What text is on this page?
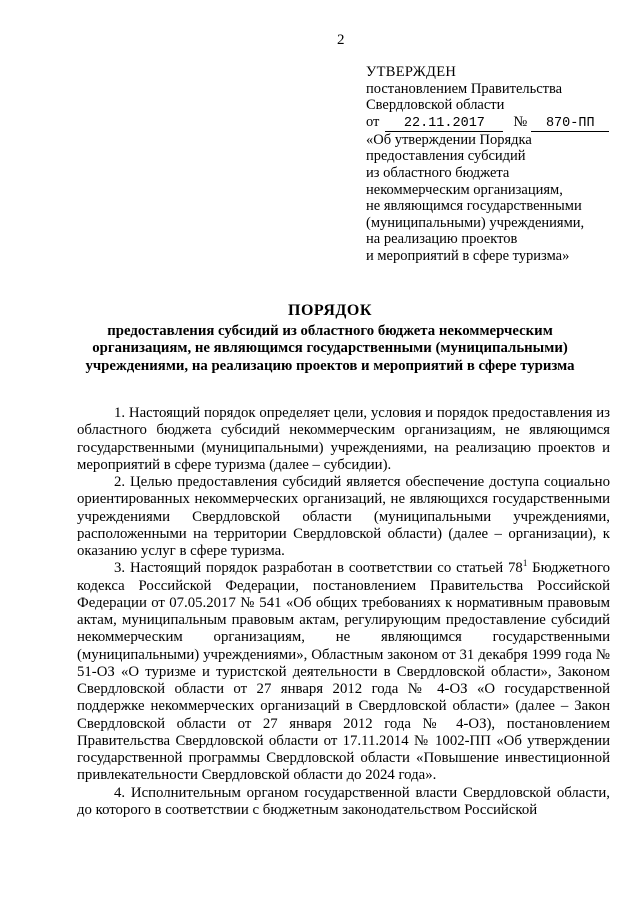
2
УТВЕРЖДЕН
постановлением Правительства
Свердловской области
от 22.11.2017 № 870-ПП
«Об утверждении Порядка
предоставления субсидий
из областного бюджета
некоммерческим организациям,
не являющимся государственными
(муниципальными) учреждениями,
на реализацию проектов
и мероприятий в сфере туризма»
ПОРЯДОК
предоставления субсидий из областного бюджета некоммерческим организациям, не являющимся государственными (муниципальными) учреждениями, на реализацию проектов и мероприятий в сфере туризма

1. Настоящий порядок определяет цели, условия и порядок предоставления из областного бюджета субсидий некоммерческим организациям, не являющимся государственными (муниципальными) учреждениями, на реализацию проектов и мероприятий в сфере туризма (далее – субсидии).

2. Целью предоставления субсидий является обеспечение доступа социально ориентированных некоммерческих организаций, не являющихся государственными учреждениями Свердловской области (муниципальными учреждениями, расположенными на территории Свердловской области) (далее – организации), к оказанию услуг в сфере туризма.

3. Настоящий порядок разработан в соответствии со статьей $78^1$ Бюджетного кодекса Российской Федерации, постановлением Правительства Российской Федерации от 07.05.2017 № 541 «Об общих требованиях к нормативным правовым актам, муниципальным правовым актам, регулирующим предоставление субсидий некоммерческим организациям, не являющимся государственными (муниципальными) учреждениями», Областным законом от 31 декабря 1999 года № 51-ОЗ «О туризме и туристской деятельности в Свердловской области», Законом Свердловской области от 27 января 2012 года № 4-ОЗ «О государственной поддержке некоммерческих организаций в Свердловской области» (далее – Закон Свердловской области от 27 января 2012 года № 4-ОЗ), постановлением Правительства Свердловской области от 17.11.2014 № 1002-ПП «Об утверждении государственной программы Свердловской области «Повышение инвестиционной привлекательности Свердловской области до 2024 года».

4. Исполнительным органом государственной власти Свердловской области, до которого в соответствии с бюджетным законодательством Российской
